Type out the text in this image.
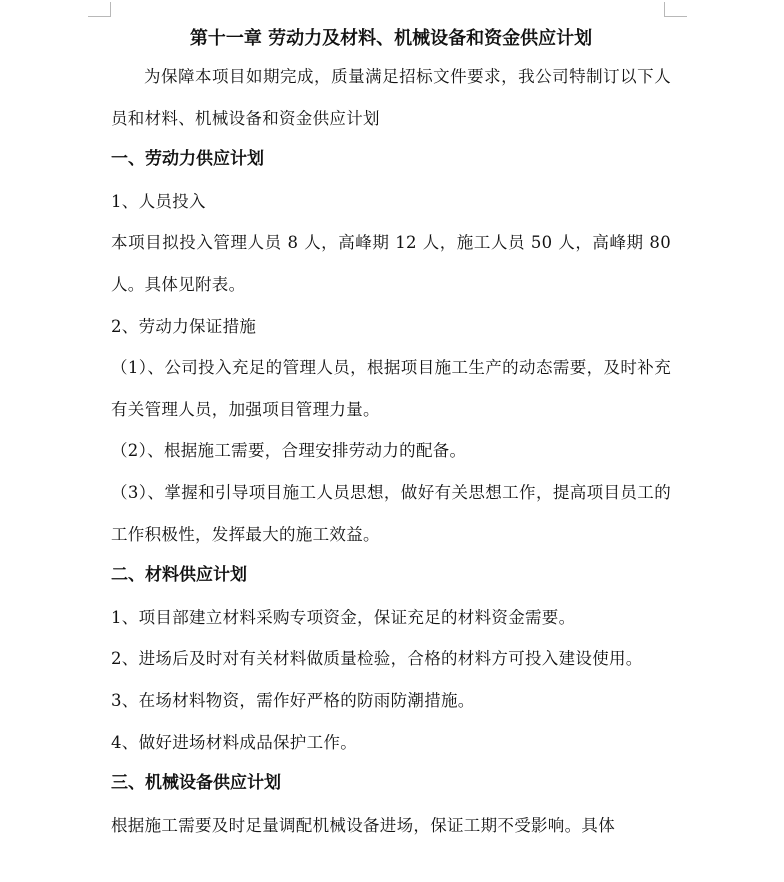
第十一章 劳动力及材料、机械设备和资金供应计划

为保障本项目如期完成，质量满足招标文件要求，我公司特制订以下人员和材料、机械设备和资金供应计划

一、劳动力供应计划

1、人员投入

本项目拟投入管理人员 8 人，高峰期 12 人，施工人员 50 人，高峰期 80 人。具体见附表。

2、劳动力保证措施

（1）、公司投入充足的管理人员，根据项目施工生产的动态需要，及时补充有关管理人员，加强项目管理力量。

（2）、根据施工需要，合理安排劳动力的配备。

（3）、掌握和引导项目施工人员思想，做好有关思想工作，提高项目员工的工作积极性，发挥最大的施工效益。

二、材料供应计划

1、项目部建立材料采购专项资金，保证充足的材料资金需要。

2、进场后及时对有关材料做质量检验，合格的材料方可投入建设使用。

3、在场材料物资，需作好严格的防雨防潮措施。

4、做好进场材料成品保护工作。

三、机械设备供应计划

根据施工需要及时足量调配机械设备进场，保证工期不受影响。具体
